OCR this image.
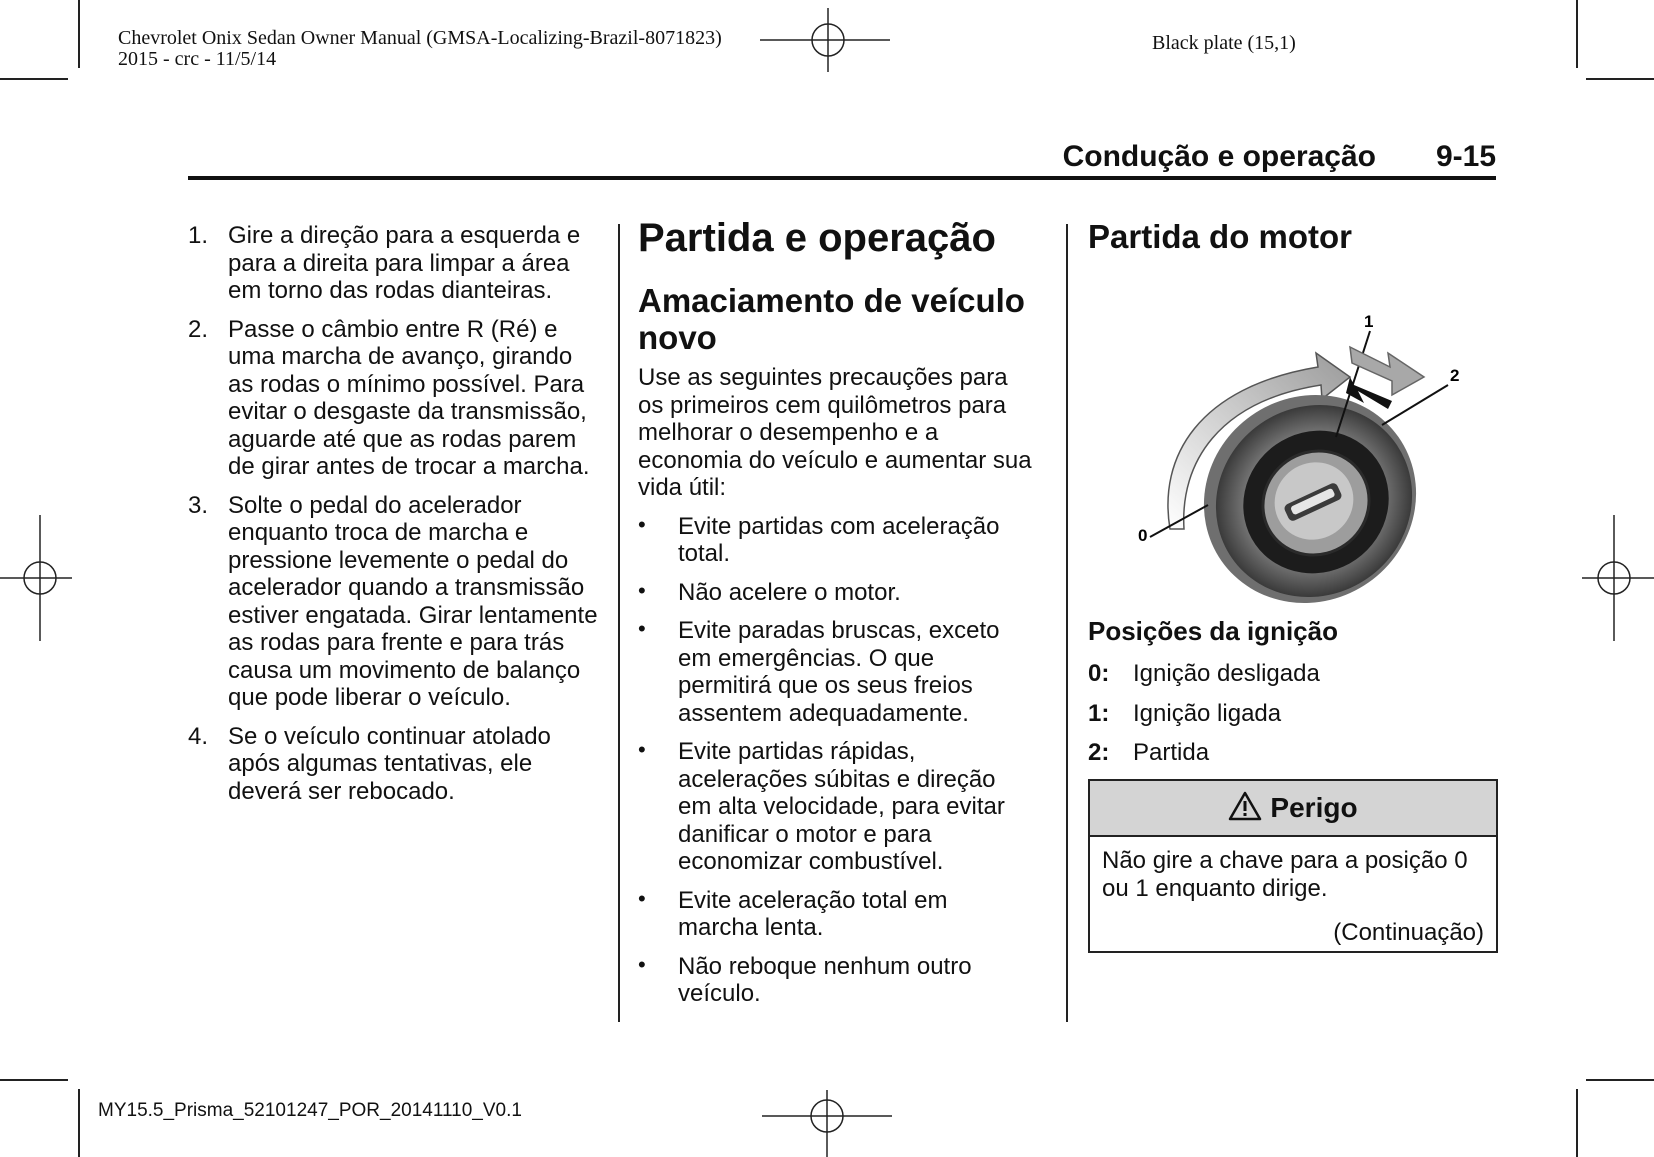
Chevrolet Onix Sedan Owner Manual (GMSA-Localizing-Brazil-8071823)
2015 - crc - 11/5/14
Black plate (15,1)
Condução e operação 9-15
1. Gire a direção para a esquerda e para a direita para limpar a área em torno das rodas dianteiras.
2. Passe o câmbio entre R (Ré) e uma marcha de avanço, girando as rodas o mínimo possível. Para evitar o desgaste da transmissão, aguarde até que as rodas parem de girar antes de trocar a marcha.
3. Solte o pedal do acelerador enquanto troca de marcha e pressione levemente o pedal do acelerador quando a transmissão estiver engatada. Girar lentamente as rodas para frente e para trás causa um movimento de balanço que pode liberar o veículo.
4. Se o veículo continuar atolado após algumas tentativas, ele deverá ser rebocado.
Partida e operação
Amaciamento de veículo novo
Use as seguintes precauções para os primeiros cem quilômetros para melhorar o desempenho e a economia do veículo e aumentar sua vida útil:
• Evite partidas com aceleração total.
• Não acelere o motor.
• Evite paradas bruscas, exceto em emergências. O que permitirá que os seus freios assentem adequadamente.
• Evite partidas rápidas, acelerações súbitas e direção em alta velocidade, para evitar danificar o motor e para economizar combustível.
• Evite aceleração total em marcha lenta.
• Não reboque nenhum outro veículo.
Partida do motor
0
1
2
Posições da ignição
0: Ignição desligada
1: Ignição ligada
2: Partida
Perigo
Não gire a chave para a posição 0 ou 1 enquanto dirige.
(Continuação)
MY15.5_Prisma_52101247_POR_20141110_V0.1
